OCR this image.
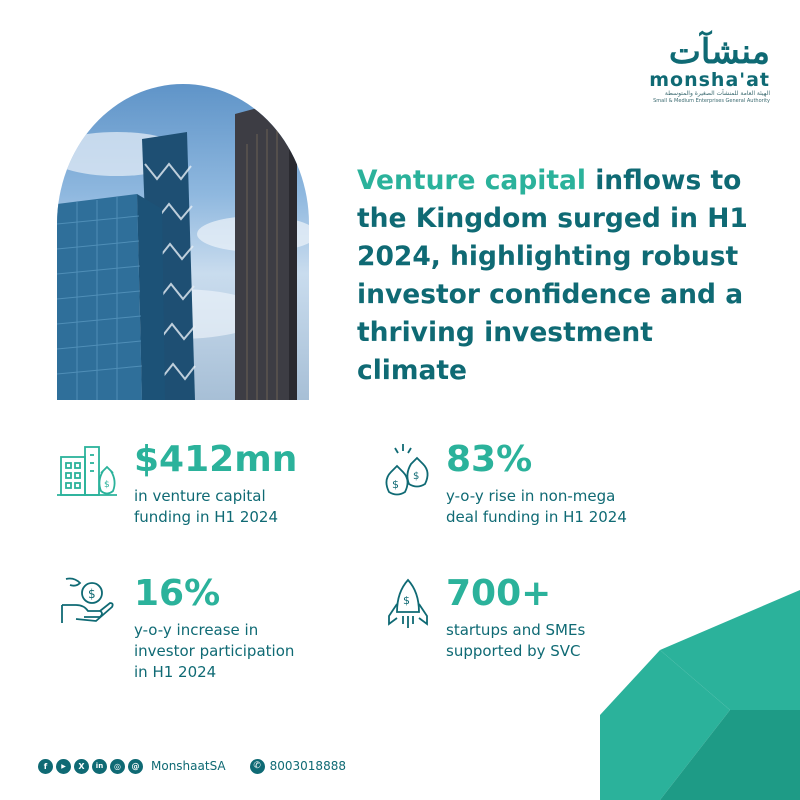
منشآت
monsha'at
الهيئة العامة للمنشآت الصغيرة والمتوسطة
Small & Medium Enterprises General Authority
Venture capital inflows to the Kingdom surged in H1 2024, highlighting robust investor confidence and a thriving investment climate
$
$412mn
in venture capital
funding in H1 2024
$
$ 83%
y-o-y rise in non-mega
deal funding in H1 2024
$ 16%
y-o-y increase in
investor participation
in H1 2024
$ 700+
startups and SMEs
supported by SVC
f	▶	X	in	◎	@ MonshaatSA	✆ 8003018888
